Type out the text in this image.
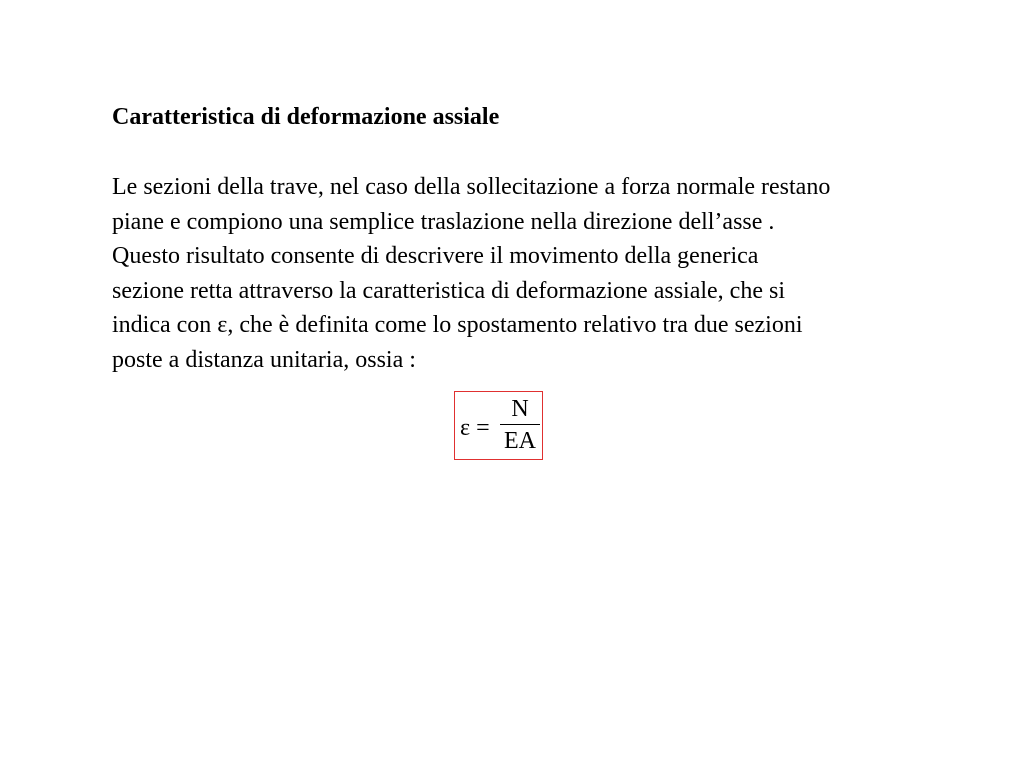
Caratteristica di deformazione assiale
Le sezioni della trave, nel caso della sollecitazione a forza normale restano
piane e compiono una semplice traslazione nella direzione dell’asse .
Questo risultato consente di descrivere il movimento della generica
sezione retta attraverso la caratteristica di deformazione assiale, che si
indica con ε, che è definita come lo spostamento relativo tra due sezioni
poste a distanza unitaria, ossia :
ε =
N
EA
